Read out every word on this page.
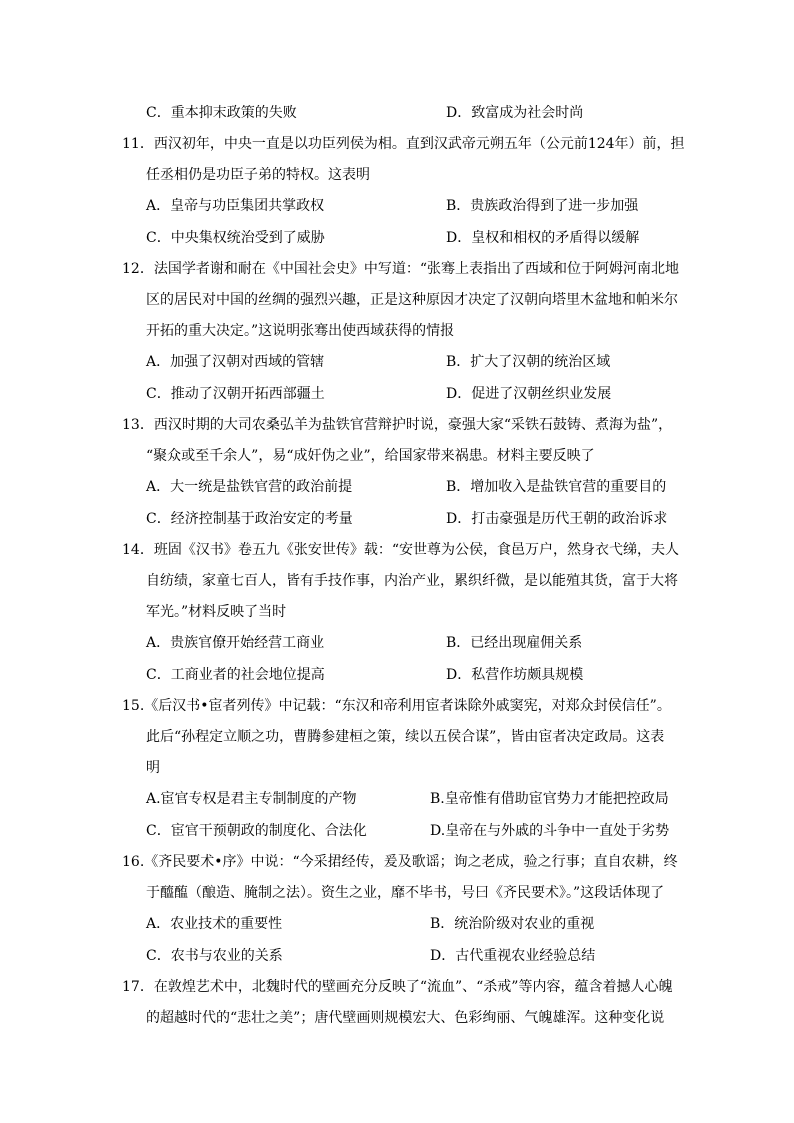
C．重本抑末政策的失败	D．致富成为社会时尚
11．西汉初年，中央一直是以功臣列侯为相。直到汉武帝元朔五年（公元前124年）前，担
任丞相仍是功臣子弟的特权。这表明
A．皇帝与功臣集团共掌政权	B．贵族政治得到了进一步加强
C．中央集权统治受到了威胁	D．皇权和相权的矛盾得以缓解
12．法国学者谢和耐在《中国社会史》中写道：“张骞上表指出了西域和位于阿姆河南北地
区的居民对中国的丝绸的强烈兴趣，正是这种原因才决定了汉朝向塔里木盆地和帕米尔
开拓的重大决定。”这说明张骞出使西域获得的情报
A．加强了汉朝对西域的管辖	B．扩大了汉朝的统治区域
C．推动了汉朝开拓西部疆土	D．促进了汉朝丝织业发展
13．西汉时期的大司农桑弘羊为盐铁官营辩护时说，豪强大家“采铁石鼓铸、煮海为盐”，
“聚众或至千余人”，易“成奸伪之业”，给国家带来祸患。材料主要反映了
A．大一统是盐铁官营的政治前提	B．增加收入是盐铁官营的重要目的
C．经济控制基于政治安定的考量	D．打击豪强是历代王朝的政治诉求
14．班固《汉书》卷五九《张安世传》载：“安世尊为公侯，食邑万户，然身衣弋绨，夫人
自纺绩，家童七百人，皆有手技作事，内治产业，累织纤微，是以能殖其货，富于大将
军光。”材料反映了当时
A．贵族官僚开始经营工商业	B．已经出现雇佣关系
C．工商业者的社会地位提高	D．私营作坊颇具规模
15.《后汉书•宦者列传》中记载：“东汉和帝利用宦者诛除外戚窦宪，对郑众封侯信任”。
此后“孙程定立顺之功，曹腾参建桓之策，续以五侯合谋”，皆由宦者决定政局。这表
明
A.宦官专权是君主专制制度的产物	B.皇帝惟有借助宦官势力才能把控政局
C．宦官干预朝政的制度化、合法化	D.皇帝在与外戚的斗争中一直处于劣势
16.《齐民要术•序》中说：“今采捃经传，爰及歌谣；询之老成，验之行事；直自农耕，终
于醯醢（酿造、腌制之法）。资生之业，靡不毕书，号曰《齐民要术》。”这段话体现了
A．农业技术的重要性	B．统治阶级对农业的重视
C．农书与农业的关系	D．古代重视农业经验总结
17．在敦煌艺术中，北魏时代的壁画充分反映了“流血”、“杀戒”等内容，蕴含着撼人心魄
的超越时代的“悲壮之美”；唐代壁画则规模宏大、色彩绚丽、气魄雄浑。这种变化说
